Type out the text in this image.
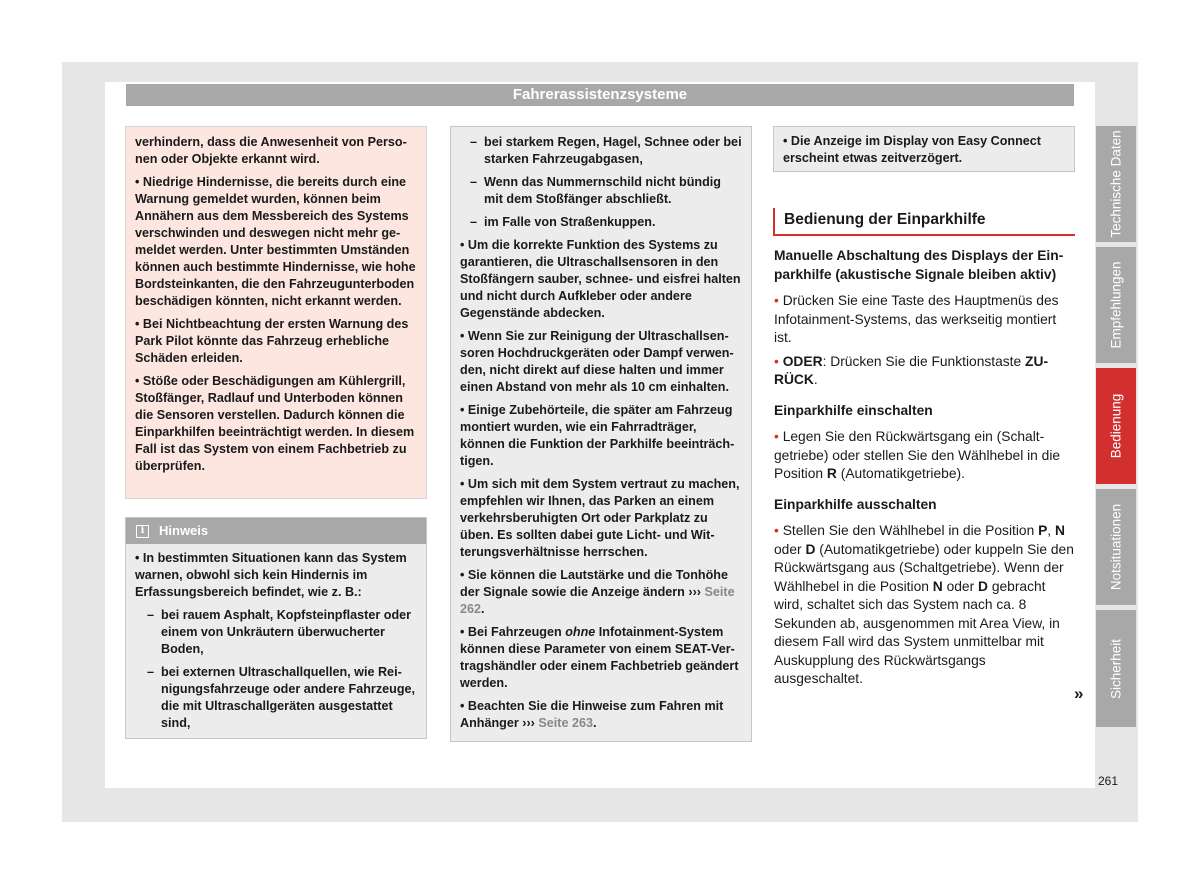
Fahrerassistenzsysteme

verhindern, dass die Anwesenheit von Personen oder Objekte erkannt wird.

• Niedrige Hindernisse, die bereits durch eine Warnung gemeldet wurden, können beim Annähern aus dem Messbereich des Systems verschwinden und deswegen nicht mehr gemeldet werden. Unter bestimmten Umständen können auch bestimmte Hindernisse, wie hohe Bordsteinkanten, die den Fahrzeugunterboden beschädigen könnten, nicht erkannt werden.

• Bei Nichtbeachtung der ersten Warnung des Park Pilot könnte das Fahrzeug erhebliche Schäden erleiden.

• Stöße oder Beschädigungen am Kühlergrill, Stoßfänger, Radlauf und Unterboden können die Sensoren verstellen. Dadurch können die Einparkhilfen beeinträchtigt werden. In diesem Fall ist das System von einem Fachbetrieb zu überprüfen.

i	Hinweis

• In bestimmten Situationen kann das System warnen, obwohl sich kein Hindernis im Erfassungsbereich befindet, wie z. B.:

– bei rauem Asphalt, Kopfsteinpflaster oder einem von Unkräutern überwucherter Boden,
– bei externen Ultraschallquellen, wie Reinigungsfahrzeuge oder andere Fahrzeuge, die mit Ultraschallgeräten ausgestattet sind,
– bei starkem Regen, Hagel, Schnee oder bei starken Fahrzeugabgasen,
– Wenn das Nummernschild nicht bündig mit dem Stoßfänger abschließt.
– im Falle von Straßenkuppen.

• Um die korrekte Funktion des Systems zu garantieren, die Ultraschallsensoren in den Stoßfängern sauber, schnee- und eisfrei halten und nicht durch Aufkleber oder andere Gegenstände abdecken.

• Wenn Sie zur Reinigung der Ultraschallsensoren Hochdruckgeräten oder Dampf verwenden, nicht direkt auf diese halten und immer einen Abstand von mehr als 10 cm einhalten.

• Einige Zubehörteile, die später am Fahrzeug montiert wurden, wie ein Fahrradträger, können die Funktion der Parkhilfe beeinträchtigen.

• Um sich mit dem System vertraut zu machen, empfehlen wir Ihnen, das Parken an einem verkehrsberuhigten Ort oder Parkplatz zu üben. Es sollten dabei gute Licht- und Witterungsverhältnisse herrschen.

• Sie können die Lautstärke und die Tonhöhe der Signale sowie die Anzeige ändern ››› Seite 262.

• Bei Fahrzeugen ohne Infotainment-System können diese Parameter von einem SEAT-Vertragshändler oder einem Fachbetrieb geändert werden.

• Beachten Sie die Hinweise zum Fahren mit Anhänger ››› Seite 263.

• Die Anzeige im Display von Easy Connect erscheint etwas zeitverzögert.

Bedienung der Einparkhilfe

Manuelle Abschaltung des Displays der Einparkhilfe (akustische Signale bleiben aktiv)

• Drücken Sie eine Taste des Hauptmenüs des Infotainment-Systems, das werkseitig montiert ist.

• ODER: Drücken Sie die Funktionstaste ZURÜCK.

Einparkhilfe einschalten

• Legen Sie den Rückwärtsgang ein (Schaltgetriebe) oder stellen Sie den Wählhebel in die Position R (Automatikgetriebe).

Einparkhilfe ausschalten

• Stellen Sie den Wählhebel in die Position P, N oder D (Automatikgetriebe) oder kuppeln Sie den Rückwärtsgang aus (Schaltgetriebe). Wenn der Wählhebel in die Position N oder D gebracht wird, schaltet sich das System nach ca. 8 Sekunden ab, ausgenommen mit Area View, in diesem Fall wird das System unmittelbar mit Auskupplung des Rückwärtsgangs ausgeschaltet.

»
Technische Daten
Empfehlungen
Bedienung
Notsituationen
Sicherheit
261
